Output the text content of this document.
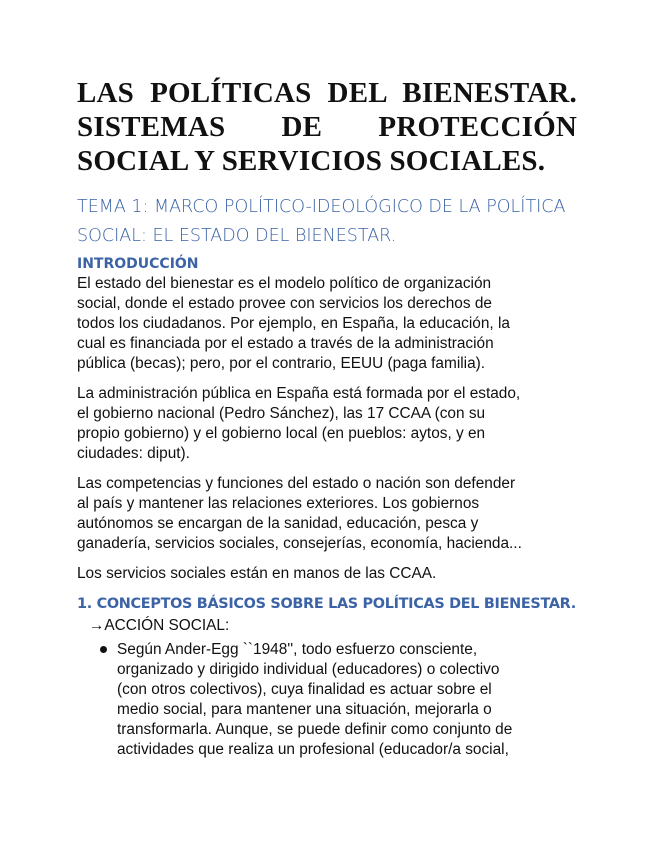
LAS POLÍTICAS DEL BIENESTAR.
SISTEMAS DE PROTECCIÓN
SOCIAL Y SERVICIOS SOCIALES.
TEMA 1: MARCO POLÍTICO-IDEOLÓGICO DE LA POLÍTICA
SOCIAL: EL ESTADO DEL BIENESTAR.
INTRODUCCIÓN

El estado del bienestar es el modelo político de organización
social, donde el estado provee con servicios los derechos de
todos los ciudadanos. Por ejemplo, en España, la educación, la
cual es financiada por el estado a través de la administración
pública (becas); pero, por el contrario, EEUU (paga familia).

La administración pública en España está formada por el estado,
el gobierno nacional (Pedro Sánchez), las 17 CCAA (con su
propio gobierno) y el gobierno local (en pueblos: aytos, y en
ciudades: diput).

Las competencias y funciones del estado o nación son defender
al país y mantener las relaciones exteriores. Los gobiernos
autónomos se encargan de la sanidad, educación, pesca y
ganadería, servicios sociales, consejerías, economía, hacienda...

Los servicios sociales están en manos de las CCAA.

1. CONCEPTOS BÁSICOS SOBRE LAS POLÍTICAS DEL BIENESTAR.
→ACCIÓN SOCIAL:
Según Ander-Egg ``1948'', todo esfuerzo consciente,
organizado y dirigido individual (educadores) o colectivo
(con otros colectivos), cuya finalidad es actuar sobre el
medio social, para mantener una situación, mejorarla o
transformarla. Aunque, se puede definir como conjunto de
actividades que realiza un profesional (educador/a social,
